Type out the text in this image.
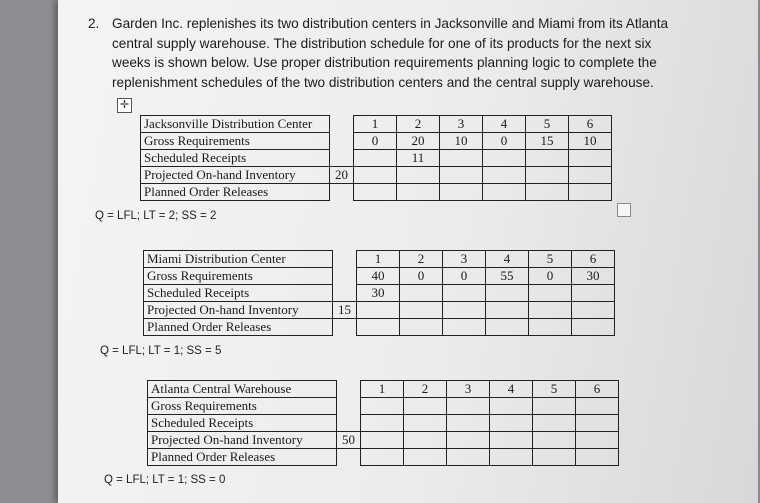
2. Garden Inc. replenishes its two distribution centers in Jacksonville and Miami from its Atlanta central supply warehouse. The distribution schedule for one of its products for the next six weeks is shown below. Use proper distribution requirements planning logic to complete the replenishment schedules of the two distribution centers and the central supply warehouse.
✛
Jacksonville Distribution Center		1	2	3	4	5	6
Gross Requirements		0	20	10	0	15	10
Scheduled Receipts			11				
Projected On-hand Inventory	20						
Planned Order Releases							
Q = LFL; LT = 2; SS = 2
Miami Distribution Center		1	2	3	4	5	6
Gross Requirements		40	0	0	55	0	30
Scheduled Receipts		30					
Projected On-hand Inventory	15						
Planned Order Releases							
Q = LFL; LT = 1; SS = 5
Atlanta Central Warehouse		1	2	3	4	5	6
Gross Requirements							
Scheduled Receipts							
Projected On-hand Inventory	50						
Planned Order Releases							
Q = LFL; LT = 1; SS = 0
